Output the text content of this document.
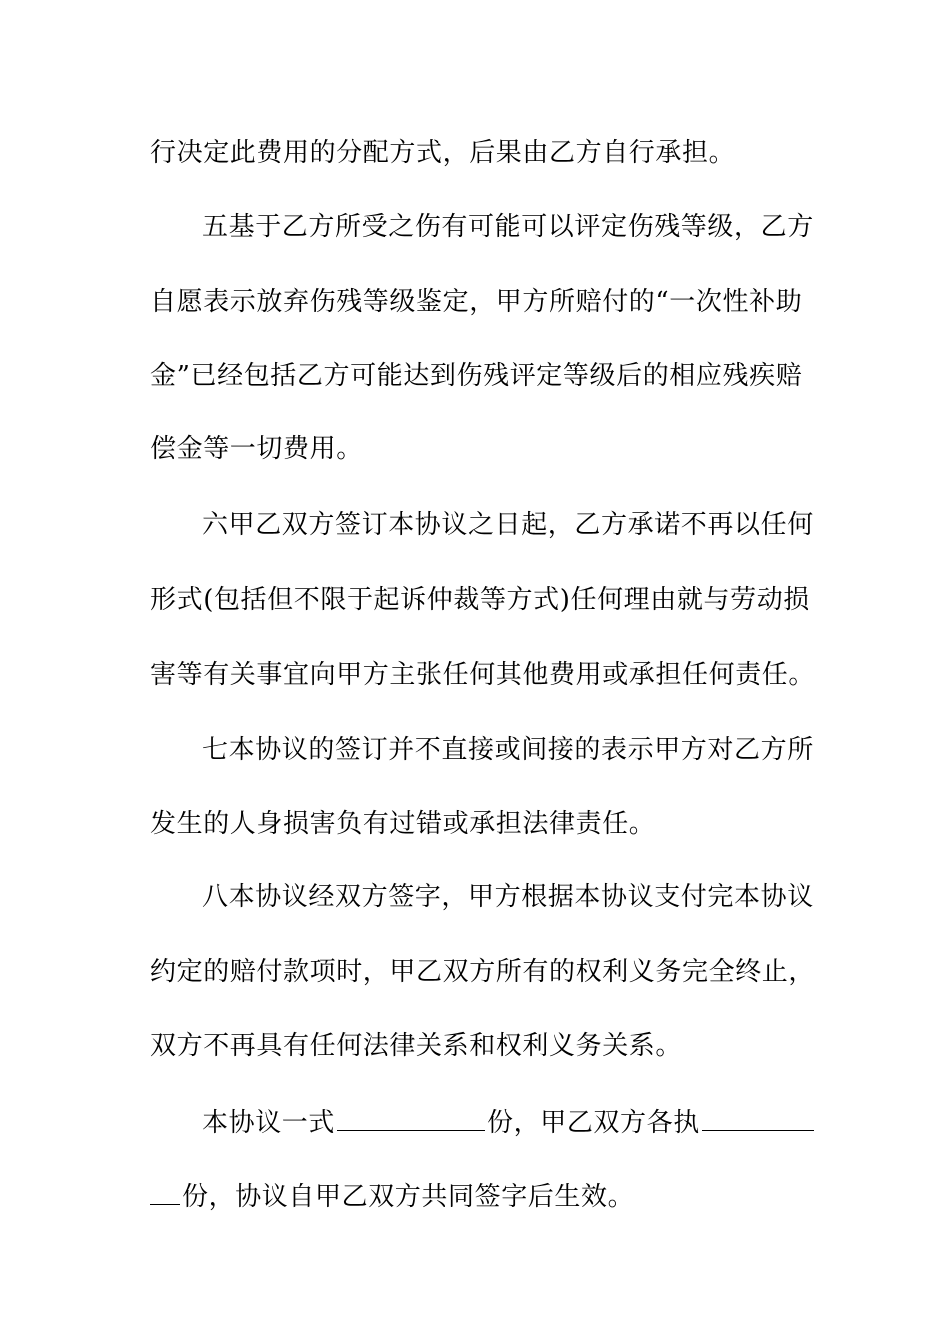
行决定此费用的分配方式，后果由乙方自行承担。
五基于乙方所受之伤有可能可以评定伤残等级，乙方
自愿表示放弃伤残等级鉴定，甲方所赔付的“一次性补助
金”已经包括乙方可能达到伤残评定等级后的相应残疾赔
偿金等一切费用。
六甲乙双方签订本协议之日起，乙方承诺不再以任何
形式(包括但不限于起诉仲裁等方式)任何理由就与劳动损
害等有关事宜向甲方主张任何其他费用或承担任何责任。
七本协议的签订并不直接或间接的表示甲方对乙方所
发生的人身损害负有过错或承担法律责任。
八本协议经双方签字，甲方根据本协议支付完本协议
约定的赔付款项时，甲乙双方所有的权利义务完全终止，
双方不再具有任何法律关系和权利义务关系。
本协议一式	份，甲乙双方各执
份，协议自甲乙双方共同签字后生效。
